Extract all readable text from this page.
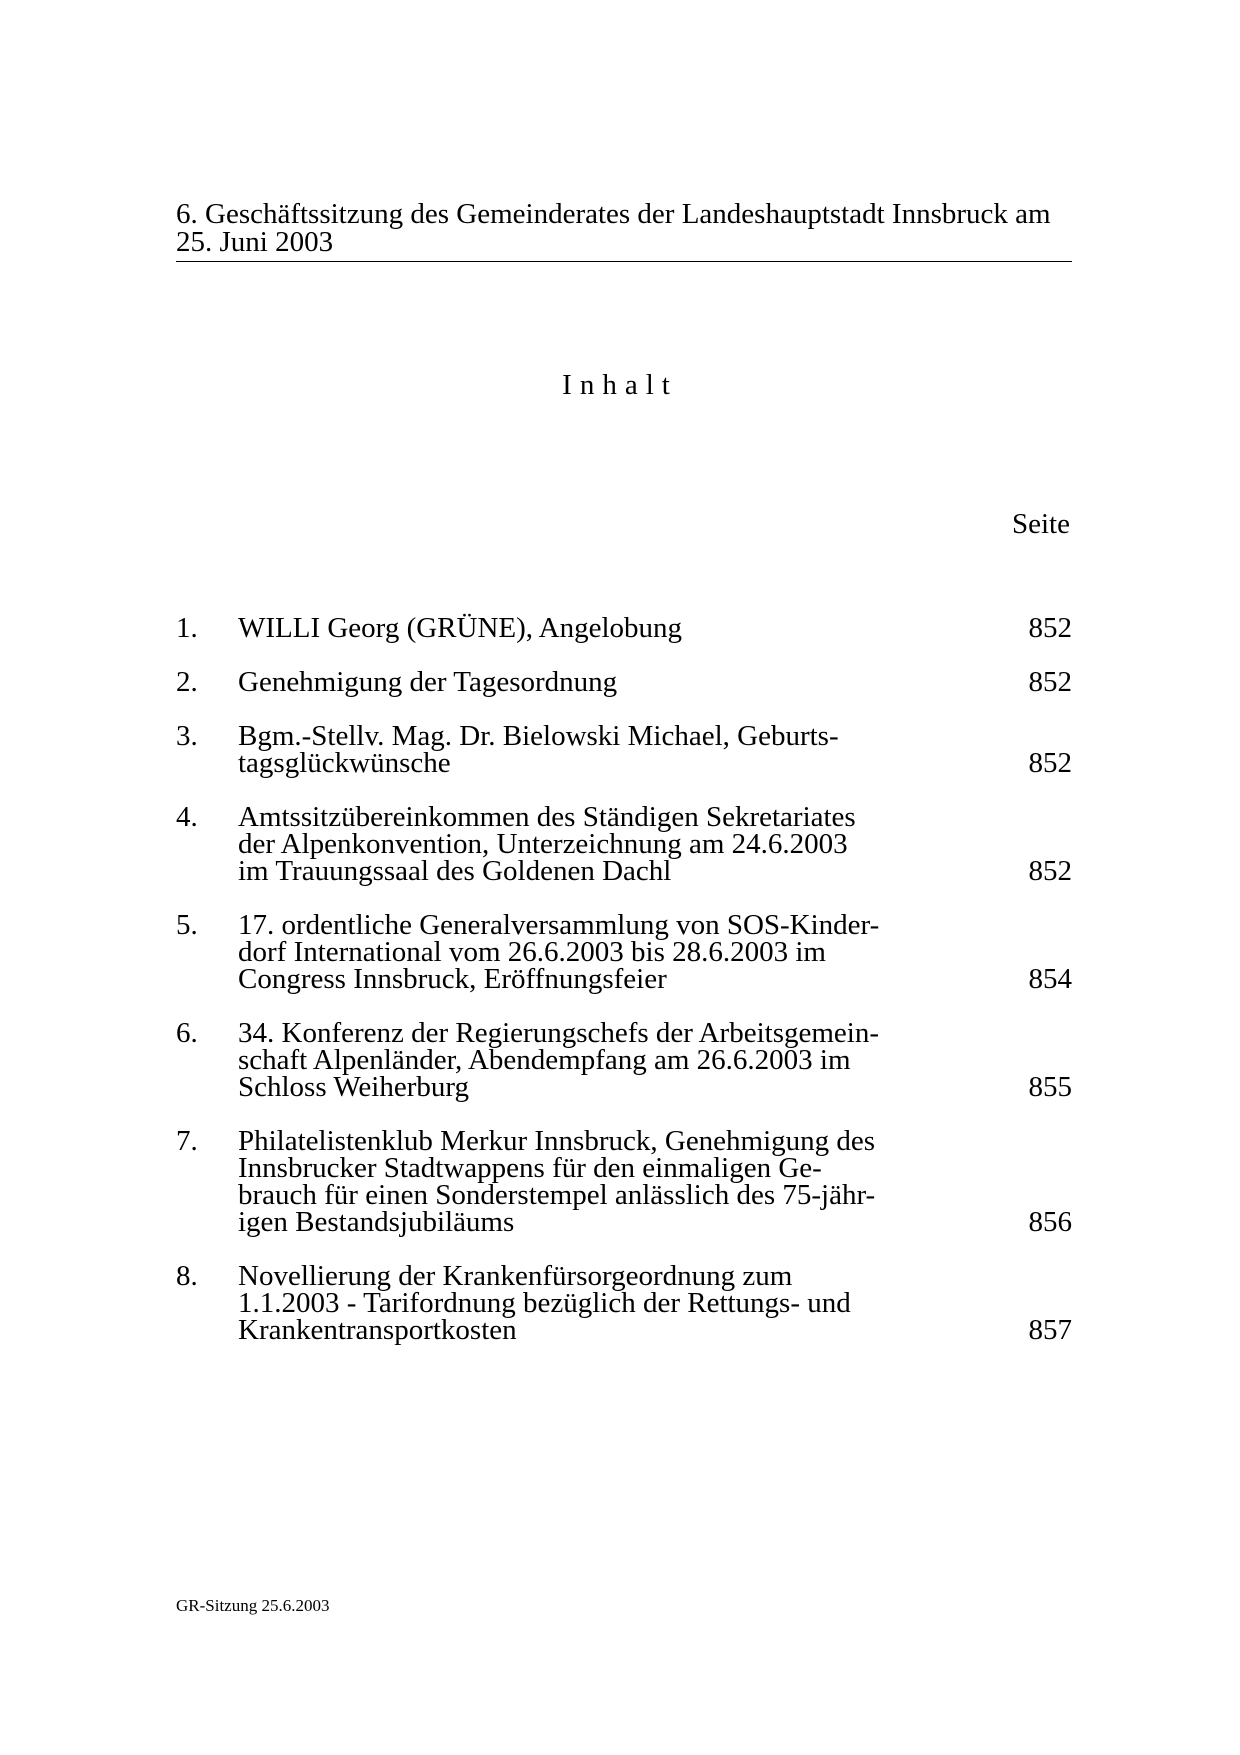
6. Geschäftssitzung des Gemeinderates der Landeshauptstadt Innsbruck am
25. Juni 2003
Inhalt
Seite
1.	WILLI Georg (GRÜNE), Angelobung	852
2.	Genehmigung der Tagesordnung	852
3.	Bgm.-Stellv. Mag. Dr. Bielowski Michael, Geburts-
tagsglückwünsche	852
4.	Amtssitzübereinkommen des Ständigen Sekretariates
der Alpenkonvention, Unterzeichnung am 24.6.2003
im Trauungssaal des Goldenen Dachl	852
5.	17. ordentliche Generalversammlung von SOS-Kinder-
dorf International vom 26.6.2003 bis 28.6.2003 im
Congress Innsbruck, Eröffnungsfeier	854
6.	34. Konferenz der Regierungschefs der Arbeitsgemein-
schaft Alpenländer, Abendempfang am 26.6.2003 im
Schloss Weiherburg	855
7.	Philatelistenklub Merkur Innsbruck, Genehmigung des
Innsbrucker Stadtwappens für den einmaligen Ge-
brauch für einen Sonderstempel anlässlich des 75-jähr-
igen Bestandsjubiläums	856
8.	Novellierung der Krankenfürsorgeordnung zum
1.1.2003 - Tarifordnung bezüglich der Rettungs- und
Krankentransportkosten	857
GR-Sitzung 25.6.2003
